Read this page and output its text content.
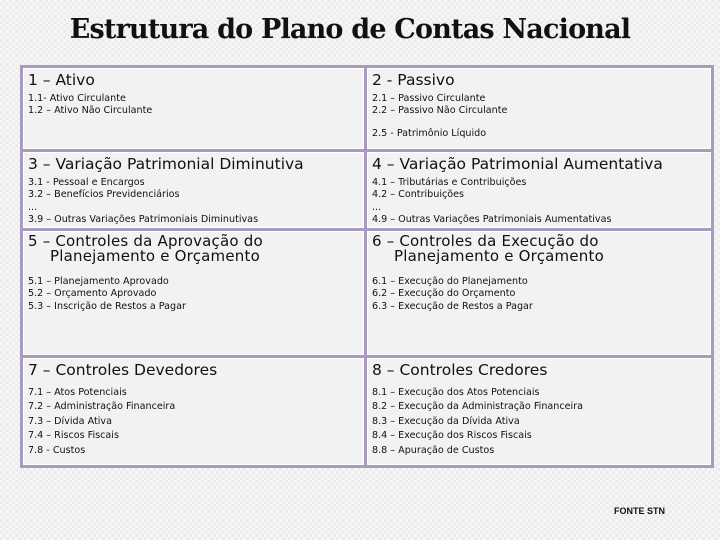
Estrutura do Plano de Contas Nacional
1 – Ativo
1.1- Ativo Circulante
1.2 – Ativo Não Circulante
2 - Passivo
2.1 – Passivo Circulante
2.2 – Passivo Não Circulante
2.5 - Patrimônio Líquido
3 – Variação Patrimonial Diminutiva
3.1 - Pessoal e Encargos
3.2 – Benefícios Previdenciários
...
3.9 – Outras Variações Patrimoniais Diminutivas
4 – Variação Patrimonial Aumentativa
4.1 – Tributárias e Contribuições
4.2 – Contribuições
...
4.9 – Outras Variações Patrimoniais Aumentativas
5 – Controles da Aprovação do
Planejamento e Orçamento
5.1 – Planejamento Aprovado
5.2 – Orçamento Aprovado
5.3 – Inscrição de Restos a Pagar
6 – Controles da Execução do
Planejamento e Orçamento
6.1 – Execução do Planejamento
6.2 – Execução do Orçamento
6.3 – Execução de Restos a Pagar
7 – Controles Devedores
7.1 – Atos Potenciais
7.2 – Administração Financeira
7.3 – Dívida Ativa
7.4 – Riscos Fiscais
7.8 - Custos
8 – Controles Credores
8.1 – Execução dos Atos Potenciais
8.2 – Execução da Administração Financeira
8.3 – Execução da Dívida Ativa
8.4 – Execução dos Riscos Fiscais
8.8 – Apuração de Custos
FONTE STN
